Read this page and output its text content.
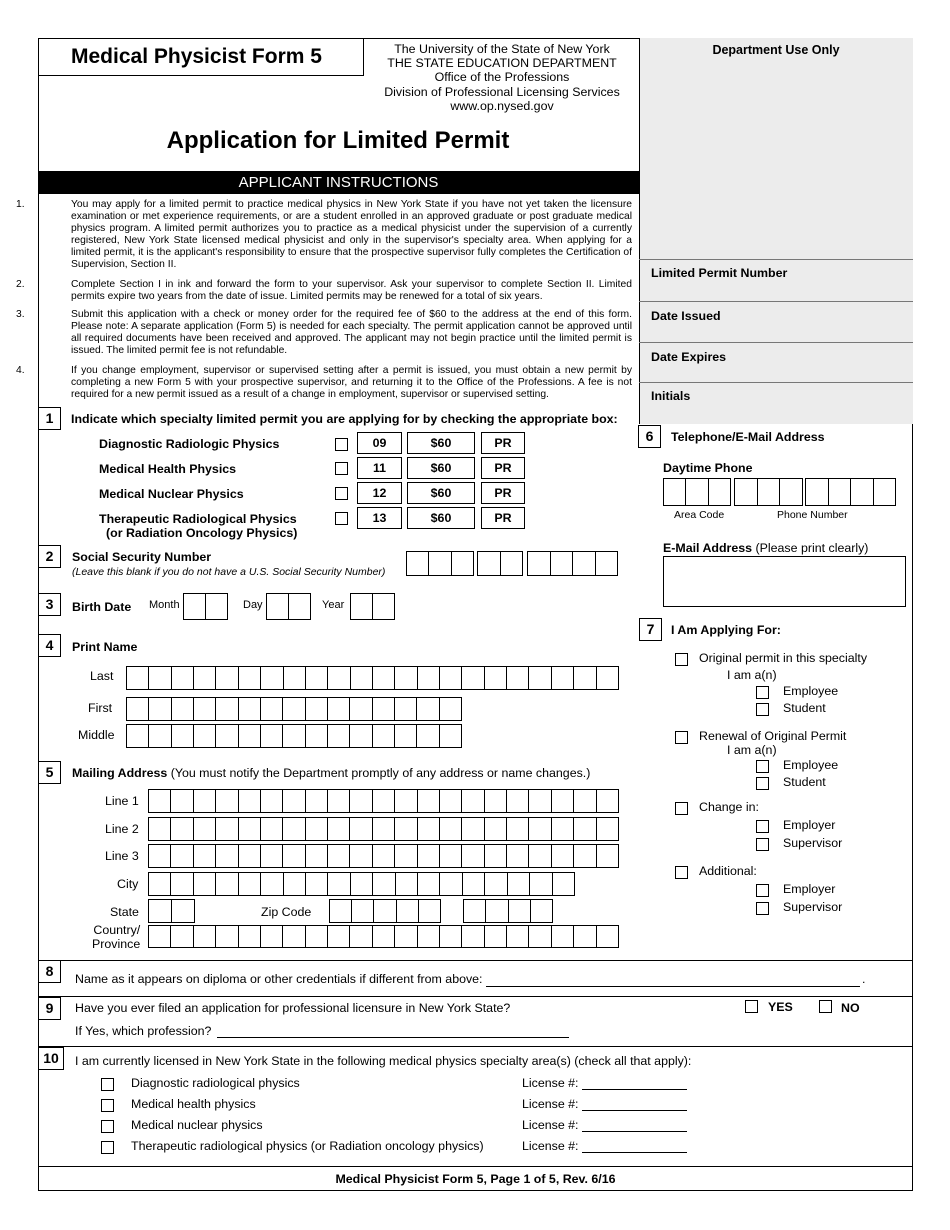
Medical Physicist Form 5	The University of the State of New York
THE STATE EDUCATION DEPARTMENT
Office of the Professions
Division of Professional Licensing Services
www.op.nysed.gov
Application for Limited Permit
Department Use Only
Limited Permit Number
Date Issued
Date Expires
Initials
APPLICANT INSTRUCTIONS
1.	You may apply for a limited permit to practice medical physics in New York State if you have not yet taken the licensure examination or met experience requirements, or are a student enrolled in an approved graduate or post graduate medical physics program. A limited permit authorizes you to practice as a medical physicist under the supervision of a currently registered, New York State licensed medical physicist and only in the supervisor's specialty area. When applying for a limited permit, it is the applicant's responsibility to ensure that the prospective supervisor fully completes the Certification of Supervision, Section II.
2.	Complete Section I in ink and forward the form to your supervisor. Ask your supervisor to complete Section II. Limited permits expire two years from the date of issue. Limited permits may be renewed for a total of six years.
3.	Submit this application with a check or money order for the required fee of $60 to the address at the end of this form. Please note: A separate application (Form 5) is needed for each specialty. The permit application cannot be approved until all required documents have been received and approved. The applicant may not begin practice until the limited permit is issued. The limited permit fee is not refundable.
4.	If you change employment, supervisor or supervised setting after a permit is issued, you must obtain a new permit by completing a new Form 5 with your prospective supervisor, and returning it to the Office of the Professions. A fee is not required for a new permit issued as a result of a change in employment, supervisor or supervised setting.
1	Indicate which specialty limited permit you are applying for by checking the appropriate box:
Diagnostic Radiologic Physics	09	$60	PR
Medical Health Physics	11	$60	PR
Medical Nuclear Physics	12	$60	PR
Therapeutic Radiological Physics
(or Radiation Oncology Physics)
13	$60	PR
2	Social Security Number
(Leave this blank if you do not have a U.S. Social Security Number)
3	Birth Date Month	Day	Year
4	Print Name
Last
First
Middle
5	Mailing Address (You must notify the Department promptly of any address or name changes.)
Line 1
Line 2
Line 3
City
State	Zip Code
Country/
Province
6	Telephone/E-Mail Address
Daytime Phone
Area Code	Phone Number
E-Mail Address (Please print clearly)
7	I Am Applying For:
Original permit in this specialty
I am a(n)
Employee
Student
Renewal of Original Permit
I am a(n)
Employee
Student
Change in:
Employer
Supervisor
Additional:
Employer
Supervisor
8	Name as it appears on diploma or other credentials if different from above:	.
9	Have you ever filed an application for professional licensure in New York State?	YES	NO
If Yes, which profession?
10	I am currently licensed in New York State in the following medical physics specialty area(s) (check all that apply):
Diagnostic radiological physics	License #:
Medical health physics	License #:
Medical nuclear physics	License #:
Therapeutic radiological physics (or Radiation oncology physics)	License #:
Medical Physicist Form 5, Page 1 of 5, Rev. 6/16
